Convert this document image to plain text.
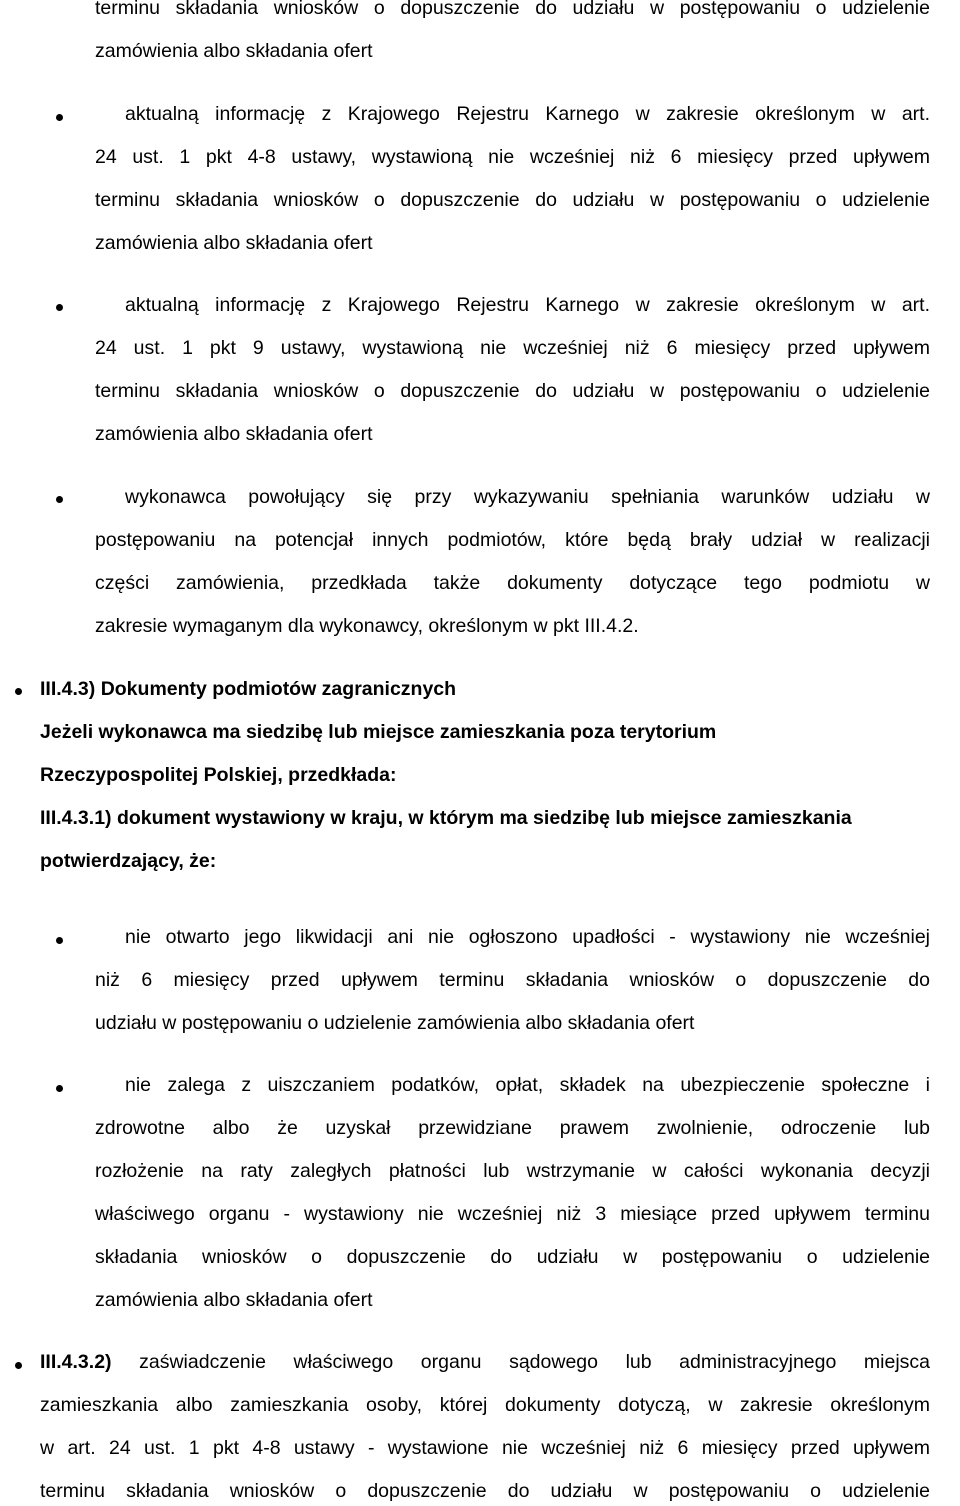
terminu składania wniosków o dopuszczenie do udziału w postępowaniu o udzielenie
zamówienia albo składania ofert
aktualną informację z Krajowego Rejestru Karnego w zakresie określonym w art.
24 ust. 1 pkt 4-8 ustawy, wystawioną nie wcześniej niż 6 miesięcy przed upływem
terminu składania wniosków o dopuszczenie do udziału w postępowaniu o udzielenie
zamówienia albo składania ofert
aktualną informację z Krajowego Rejestru Karnego w zakresie określonym w art.
24 ust. 1 pkt 9 ustawy, wystawioną nie wcześniej niż 6 miesięcy przed upływem
terminu składania wniosków o dopuszczenie do udziału w postępowaniu o udzielenie
zamówienia albo składania ofert
wykonawca powołujący się przy wykazywaniu spełniania warunków udziału w
postępowaniu na potencjał innych podmiotów, które będą brały udział w realizacji
części zamówienia, przedkłada także dokumenty dotyczące tego podmiotu w
zakresie wymaganym dla wykonawcy, określonym w pkt III.4.2.
III.4.3) Dokumenty podmiotów zagranicznych
Jeżeli wykonawca ma siedzibę lub miejsce zamieszkania poza terytorium
Rzeczypospolitej Polskiej, przedkłada:
III.4.3.1) dokument wystawiony w kraju, w którym ma siedzibę lub miejsce zamieszkania
potwierdzający, że:
nie otwarto jego likwidacji ani nie ogłoszono upadłości - wystawiony nie wcześniej
niż 6 miesięcy przed upływem terminu składania wniosków o dopuszczenie do
udziału w postępowaniu o udzielenie zamówienia albo składania ofert
nie zalega z uiszczaniem podatków, opłat, składek na ubezpieczenie społeczne i
zdrowotne albo że uzyskał przewidziane prawem zwolnienie, odroczenie lub
rozłożenie na raty zaległych płatności lub wstrzymanie w całości wykonania decyzji
właściwego organu - wystawiony nie wcześniej niż 3 miesiące przed upływem terminu
składania wniosków o dopuszczenie do udziału w postępowaniu o udzielenie
zamówienia albo składania ofert
III.4.3.2) zaświadczenie właściwego organu sądowego lub administracyjnego miejsca
zamieszkania albo zamieszkania osoby, której dokumenty dotyczą, w zakresie określonym
w art. 24 ust. 1 pkt 4-8 ustawy - wystawione nie wcześniej niż 6 miesięcy przed upływem
terminu składania wniosków o dopuszczenie do udziału w postępowaniu o udzielenie
